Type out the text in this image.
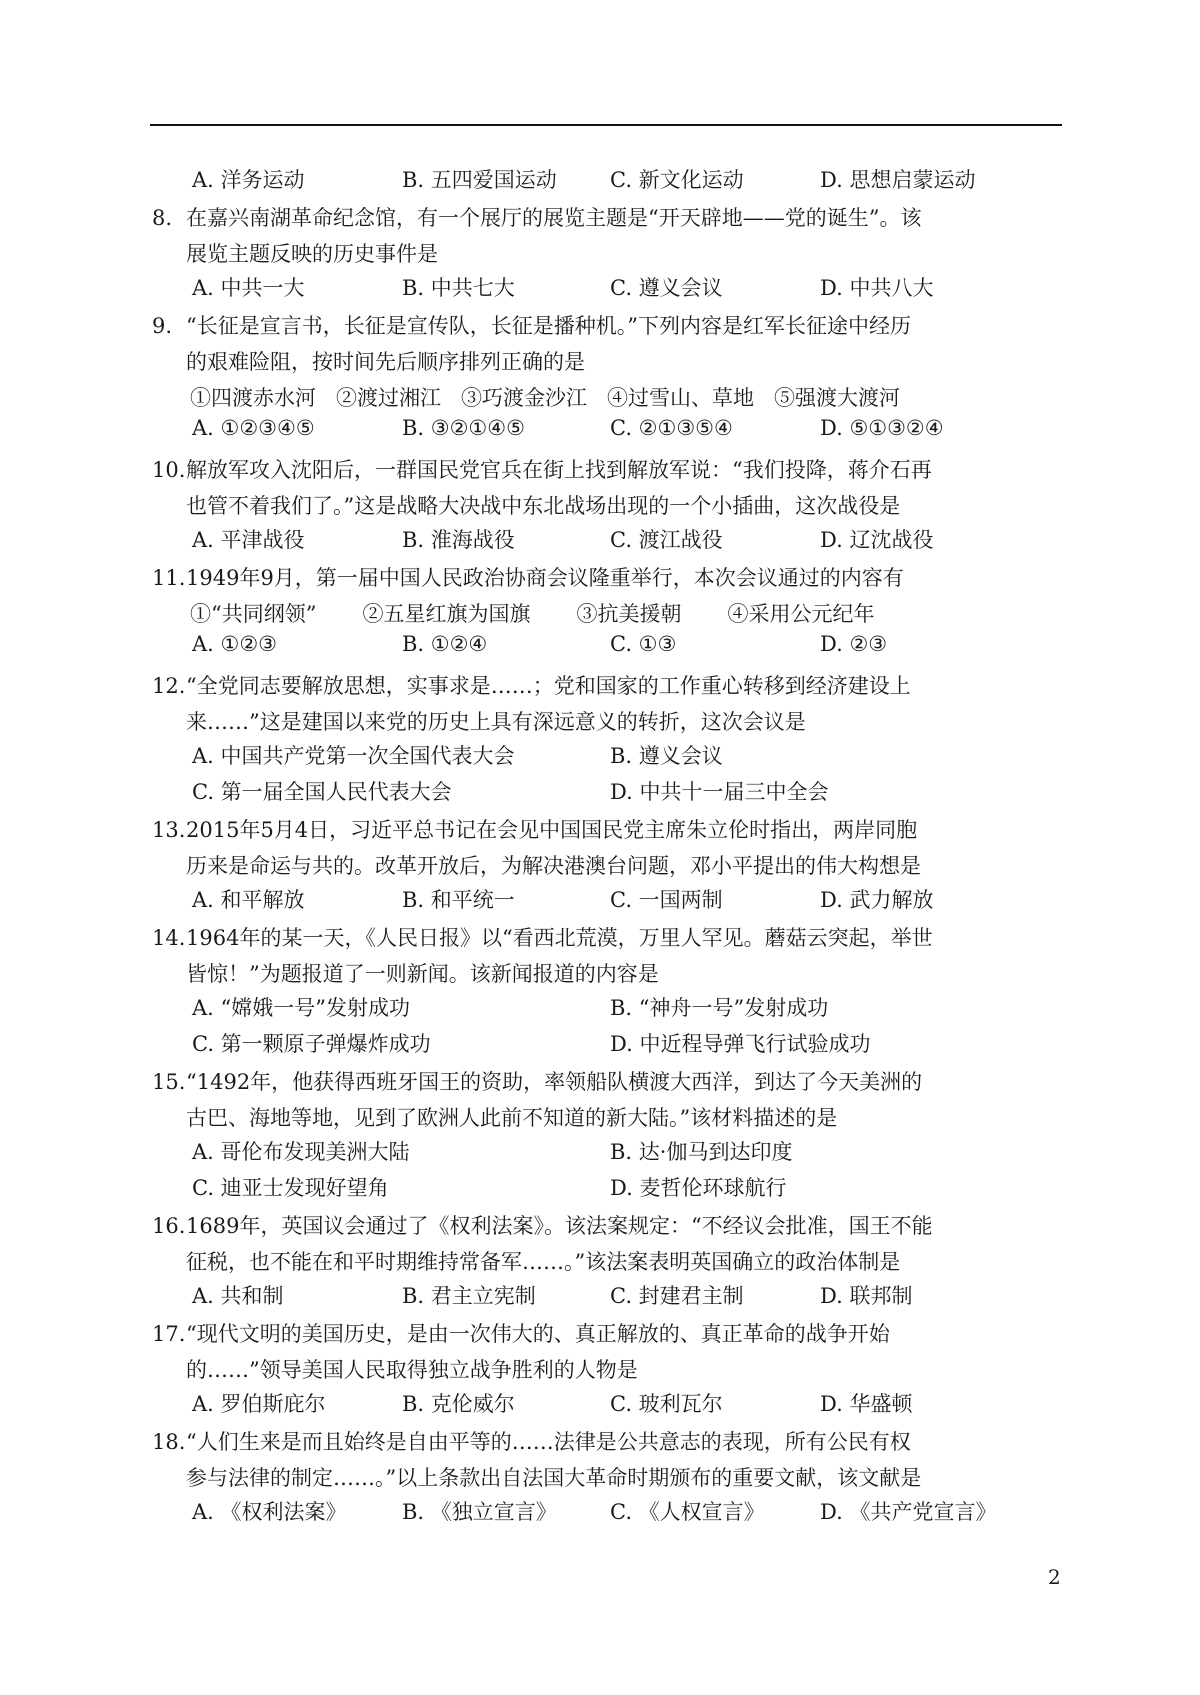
A. 洋务运动	B. 五四爱国运动	C. 新文化运动	D. 思想启蒙运动
8. 在嘉兴南湖革命纪念馆，有一个展厅的展览主题是“开天辟地——党的诞生”。该
展览主题反映的历史事件是
A. 中共一大	B. 中共七大	C. 遵义会议	D. 中共八大
9. “长征是宣言书，长征是宣传队，长征是播种机。”下列内容是红军长征途中经历
的艰难险阻，按时间先后顺序排列正确的是
①四渡赤水河 ②渡过湘江 ③巧渡金沙江 ④过雪山、草地 ⑤强渡大渡河
A. ①②③④⑤	B. ③②①④⑤	C. ②①③⑤④	D. ⑤①③②④
10. 解放军攻入沈阳后，一群国民党官兵在街上找到解放军说：“我们投降，蒋介石再
也管不着我们了。”这是战略大决战中东北战场出现的一个小插曲，这次战役是
A. 平津战役	B. 淮海战役	C. 渡江战役	D. 辽沈战役
11. 1949年9月，第一届中国人民政治协商会议隆重举行，本次会议通过的内容有
①“共同纲领” ②五星红旗为国旗 ③抗美援朝 ④采用公元纪年
A. ①②③	B. ①②④	C. ①③	D. ②③
12. “全党同志要解放思想，实事求是……；党和国家的工作重心转移到经济建设上
来……”这是建国以来党的历史上具有深远意义的转折，这次会议是
A. 中国共产党第一次全国代表大会	B. 遵义会议
C. 第一届全国人民代表大会	D. 中共十一届三中全会
13. 2015年5月4日，习近平总书记在会见中国国民党主席朱立伦时指出，两岸同胞
历来是命运与共的。改革开放后，为解决港澳台问题，邓小平提出的伟大构想是
A. 和平解放	B. 和平统一	C. 一国两制	D. 武力解放
14. 1964年的某一天，《人民日报》以“看西北荒漠，万里人罕见。蘑菇云突起，举世
皆惊！”为题报道了一则新闻。该新闻报道的内容是
A. “嫦娥一号”发射成功	B. “神舟一号”发射成功
C. 第一颗原子弹爆炸成功	D. 中近程导弹飞行试验成功
15. “1492年，他获得西班牙国王的资助，率领船队横渡大西洋，到达了今天美洲的
古巴、海地等地，见到了欧洲人此前不知道的新大陆。”该材料描述的是
A. 哥伦布发现美洲大陆	B. 达·伽马到达印度
C. 迪亚士发现好望角	D. 麦哲伦环球航行
16. 1689年，英国议会通过了《权利法案》。该法案规定：“不经议会批准，国王不能
征税，也不能在和平时期维持常备军……。”该法案表明英国确立的政治体制是
A. 共和制	B. 君主立宪制	C. 封建君主制	D. 联邦制
17. “现代文明的美国历史，是由一次伟大的、真正解放的、真正革命的战争开始
的……”领导美国人民取得独立战争胜利的人物是
A. 罗伯斯庇尔	B. 克伦威尔	C. 玻利瓦尔	D. 华盛顿
18. “人们生来是而且始终是自由平等的……法律是公共意志的表现，所有公民有权
参与法律的制定……。”以上条款出自法国大革命时期颁布的重要文献，该文献是
A. 《权利法案》	B. 《独立宣言》	C. 《人权宣言》	D. 《共产党宣言》
2
